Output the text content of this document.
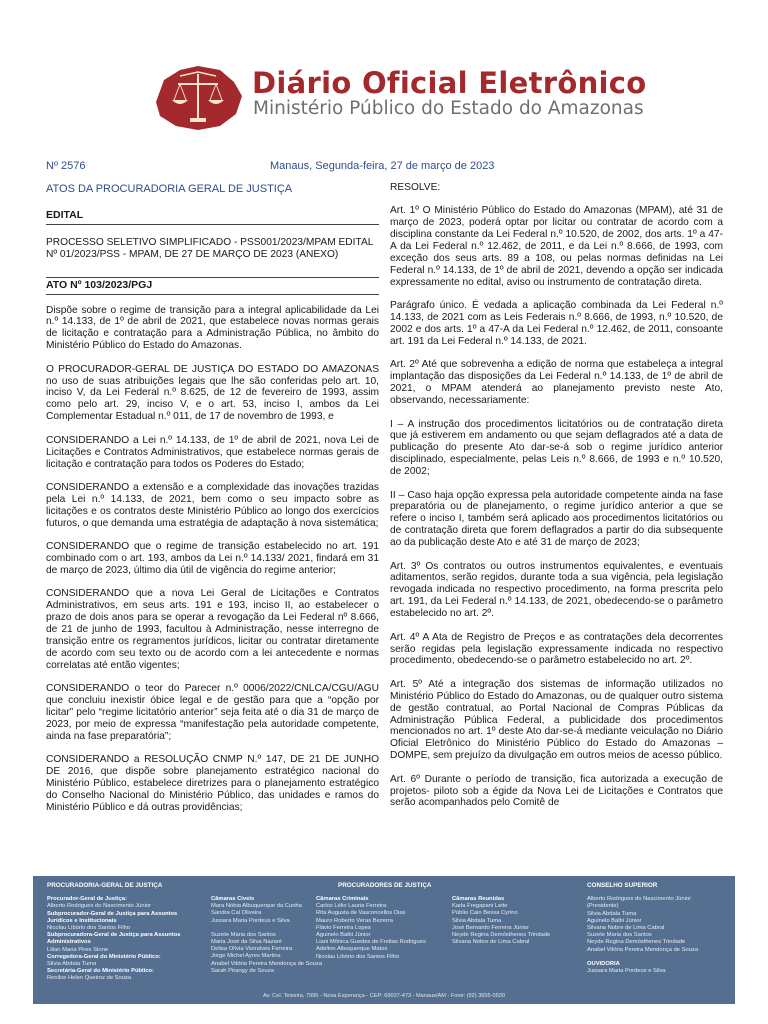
Diário Oficial Eletrônico
Ministério Público do Estado do Amazonas
Nº 2576	Manaus, Segunda-feira, 27 de março de 2023
ATOS DA PROCURADORIA GERAL DE JUSTIÇA
EDITAL

PROCESSO SELETIVO SIMPLIFICADO - PSS001/2023/MPAM EDITAL Nº 01/2023/PSS - MPAM, DE 27 DE MARÇO DE 2023 (ANEXO)

ATO Nº 103/2023/PGJ

Dispõe sobre o regime de transição para a integral aplicabilidade da Lei n.º 14.133, de 1º de abril de 2021, que estabelece novas normas gerais de licitação e contratação para a Administração Pública, no âmbito do Ministério Público do Estado do Amazonas.

O PROCURADOR-GERAL DE JUSTIÇA DO ESTADO DO AMAZONAS no uso de suas atribuições legais que lhe são conferidas pelo art. 10, inciso V, da Lei Federal n.º 8.625, de 12 de fevereiro de 1993, assim como pelo art. 29, inciso V, e o art. 53, inciso I, ambos da Lei Complementar Estadual n.º 011, de 17 de novembro de 1993, e

CONSIDERANDO a Lei n.º 14.133, de 1º de abril de 2021, nova Lei de Licitações e Contratos Administrativos, que estabelece normas gerais de licitação e contratação para todos os Poderes do Estado;

CONSIDERANDO a extensão e a complexidade das inovações trazidas pela Lei n.º 14.133, de 2021, bem como o seu impacto sobre as licitações e os contratos deste Ministério Público ao longo dos exercícios futuros, o que demanda uma estratégia de adaptação à nova sistemática;

CONSIDERANDO que o regime de transição estabelecido no art. 191 combinado com o art. 193, ambos da Lei n.º 14.133/ 2021, findará em 31 de março de 2023, último dia útil de vigência do regime anterior;

CONSIDERANDO que a nova Lei Geral de Licitações e Contratos Administrativos, em seus arts. 191 e 193, inciso II, ao estabelecer o prazo de dois anos para se operar a revogação da Lei Federal nº 8.666, de 21 de junho de 1993, facultou à Administração, nesse interregno de transição entre os regramentos jurídicos, licitar ou contratar diretamente de acordo com seu texto ou de acordo com a lei antecedente e normas correlatas até então vigentes;

CONSIDERANDO o teor do Parecer n.º 0006/2022/CNLCA/CGU/AGU que concluiu inexistir óbice legal e de gestão para que a “opção por licitar” pelo “regime licitatório anterior” seja feita até o dia 31 de março de 2023, por meio de expressa “manifestação pela autoridade competente, ainda na fase preparatória”;

CONSIDERANDO a RESOLUÇÃO CNMP N.º 147, DE 21 DE JUNHO DE 2016, que dispõe sobre planejamento estratégico nacional do Ministério Público, estabelece diretrizes para o planejamento estratégico do Conselho Nacional do Ministério Público, das unidades e ramos do Ministério Público e dá outras providências;

RESOLVE:

Art. 1º O Ministério Público do Estado do Amazonas (MPAM), até 31 de março de 2023, poderá optar por licitar ou contratar de acordo com a disciplina constante da Lei Federal n.º 10.520, de 2002, dos arts. 1º a 47-A da Lei Federal n.º 12.462, de 2011, e da Lei n.º 8.666, de 1993, com exceção dos seus arts. 89 a 108, ou pelas normas definidas na Lei Federal n.º 14.133, de 1º de abril de 2021, devendo a opção ser indicada expressamente no edital, aviso ou instrumento de contratação direta.

Parágrafo único. É vedada a aplicação combinada da Lei Federal n.º 14.133, de 2021 com as Leis Federais n.º 8.666, de 1993, n.º 10.520, de 2002 e dos arts. 1º a 47-A da Lei Federal n.º 12.462, de 2011, consoante art. 191 da Lei Federal n.º 14.133, de 2021.

Art. 2º Até que sobrevenha a edição de norma que estabeleça a integral implantação das disposições da Lei Federal n.º 14.133, de 1º de abril de 2021, o MPAM atenderá ao planejamento previsto neste Ato, observando, necessariamente:

I – A instrução dos procedimentos licitatórios ou de contratação direta que já estiverem em andamento ou que sejam deflagrados até a data de publicação do presente Ato dar-se-á sob o regime jurídico anterior disciplinado, especialmente, pelas Leis n.º 8.666, de 1993 e n.º 10.520, de 2002;

II – Caso haja opção expressa pela autoridade competente ainda na fase preparatória ou de planejamento, o regime jurídico anterior a que se refere o inciso I, também será aplicado aos procedimentos licitatórios ou de contratação direta que forem deflagrados a partir do dia subsequente ao da publicação deste Ato e até 31 de março de 2023;

Art. 3º Os contratos ou outros instrumentos equivalentes, e eventuais aditamentos, serão regidos, durante toda a sua vigência, pela legislação revogada indicada no respectivo procedimento, na forma prescrita pelo art. 191, da Lei Federal n.º 14.133, de 2021, obedecendo-se o parâmetro estabelecido no art. 2º.

Art. 4º A Ata de Registro de Preços e as contratações dela decorrentes serão regidas pela legislação expressamente indicada no respectivo procedimento, obedecendo-se o parâmetro estabelecido no art. 2º.

Art. 5º Até a integração dos sistemas de informação utilizados no Ministério Público do Estado do Amazonas, ou de qualquer outro sistema de gestão contratual, ao Portal Nacional de Compras Públicas da Administração Pública Federal, a publicidade dos procedimentos mencionados no art. 1º deste Ato dar-se-á mediante veiculação no Diário Oficial Eletrônico do Ministério Público do Estado do Amazonas – DOMPE, sem prejuízo da divulgação em outros meios de acesso público.

Art. 6º Durante o período de transição, fica autorizada a execução de projetos- piloto sob a égide da Nova Lei de Licitações e Contratos que serão acompanhados pelo Comitê de

PROCURADORIA-GERAL DE JUSTIÇA
Procurador-Geral de Justiça:
Alberto Rodrigues do Nascimento Júnior
Subprocurador-Geral de Justiça para Assuntos Jurídicos e Institucionais
Nicolau Libório dos Santos Filho
Subprocuradora-Geral de Justiça para Assuntos Administrativos
Lilian Maria Pires Stone
Corregedora-Geral do Ministério Público:
Silvia Abdala Tuma
Secretária-Geral do Ministério Público:
Renilce Helen Queiroz de Sousa
PROCURADORES DE JUSTIÇA
Câmaras Cíveis
Mara Nóbia Albuquerque da Cunha
Sandra Cal Oliveira
Jussara Maria Pordeus e Silva
Suzete Maria dos Santos
Maria José da Silva Nazaré
Delisa Olívia Vieiralves Ferreira
Jorge Michel Ayres Martins
Anabel Vitória Pereira Mendonça de Souza
Sarah Pirangy de Souza
Câmaras Criminais
Carlos Lélio Lauria Ferreira
Rita Augusta de Vasconcellos Dias
Mauro Roberto Veras Bezerra
Flávio Ferreira Lopes
Aguinelo Balbi Júnior
Liani Mônica Guedes de Freitas Rodrigues
Adelton Albuquerque Matos
Nicolau Libório dos Santos Filho
Câmaras Reunidas
Karla Fregapani Leite
Públio Caio Bessa Cyrino
Silvia Abdala Tuma
José Bernardo Ferreira Júnior
Neyde Regina Demósthenes Trindade
Silvana Nobre de Lima Cabral
CONSELHO SUPERIOR
Alberto Rodrigues do Nascimento Júnior
(Presidente)
Silvia Abdala Tuma
Aguinelo Balbi Júnior
Silvana Nobre de Lima Cabral
Suzete Maria dos Santos
Neyde Regina Demósthenes Trindade
Anabel Vitória Pereira Mendonça de Souza
OUVIDORIA
Jussara Maria Pordeus e Silva
Av. Cel. Teixeira, 7995 - Nova Esperança - CEP: 69037-473 - Manaus/AM - Fone: (92) 3655-0500
